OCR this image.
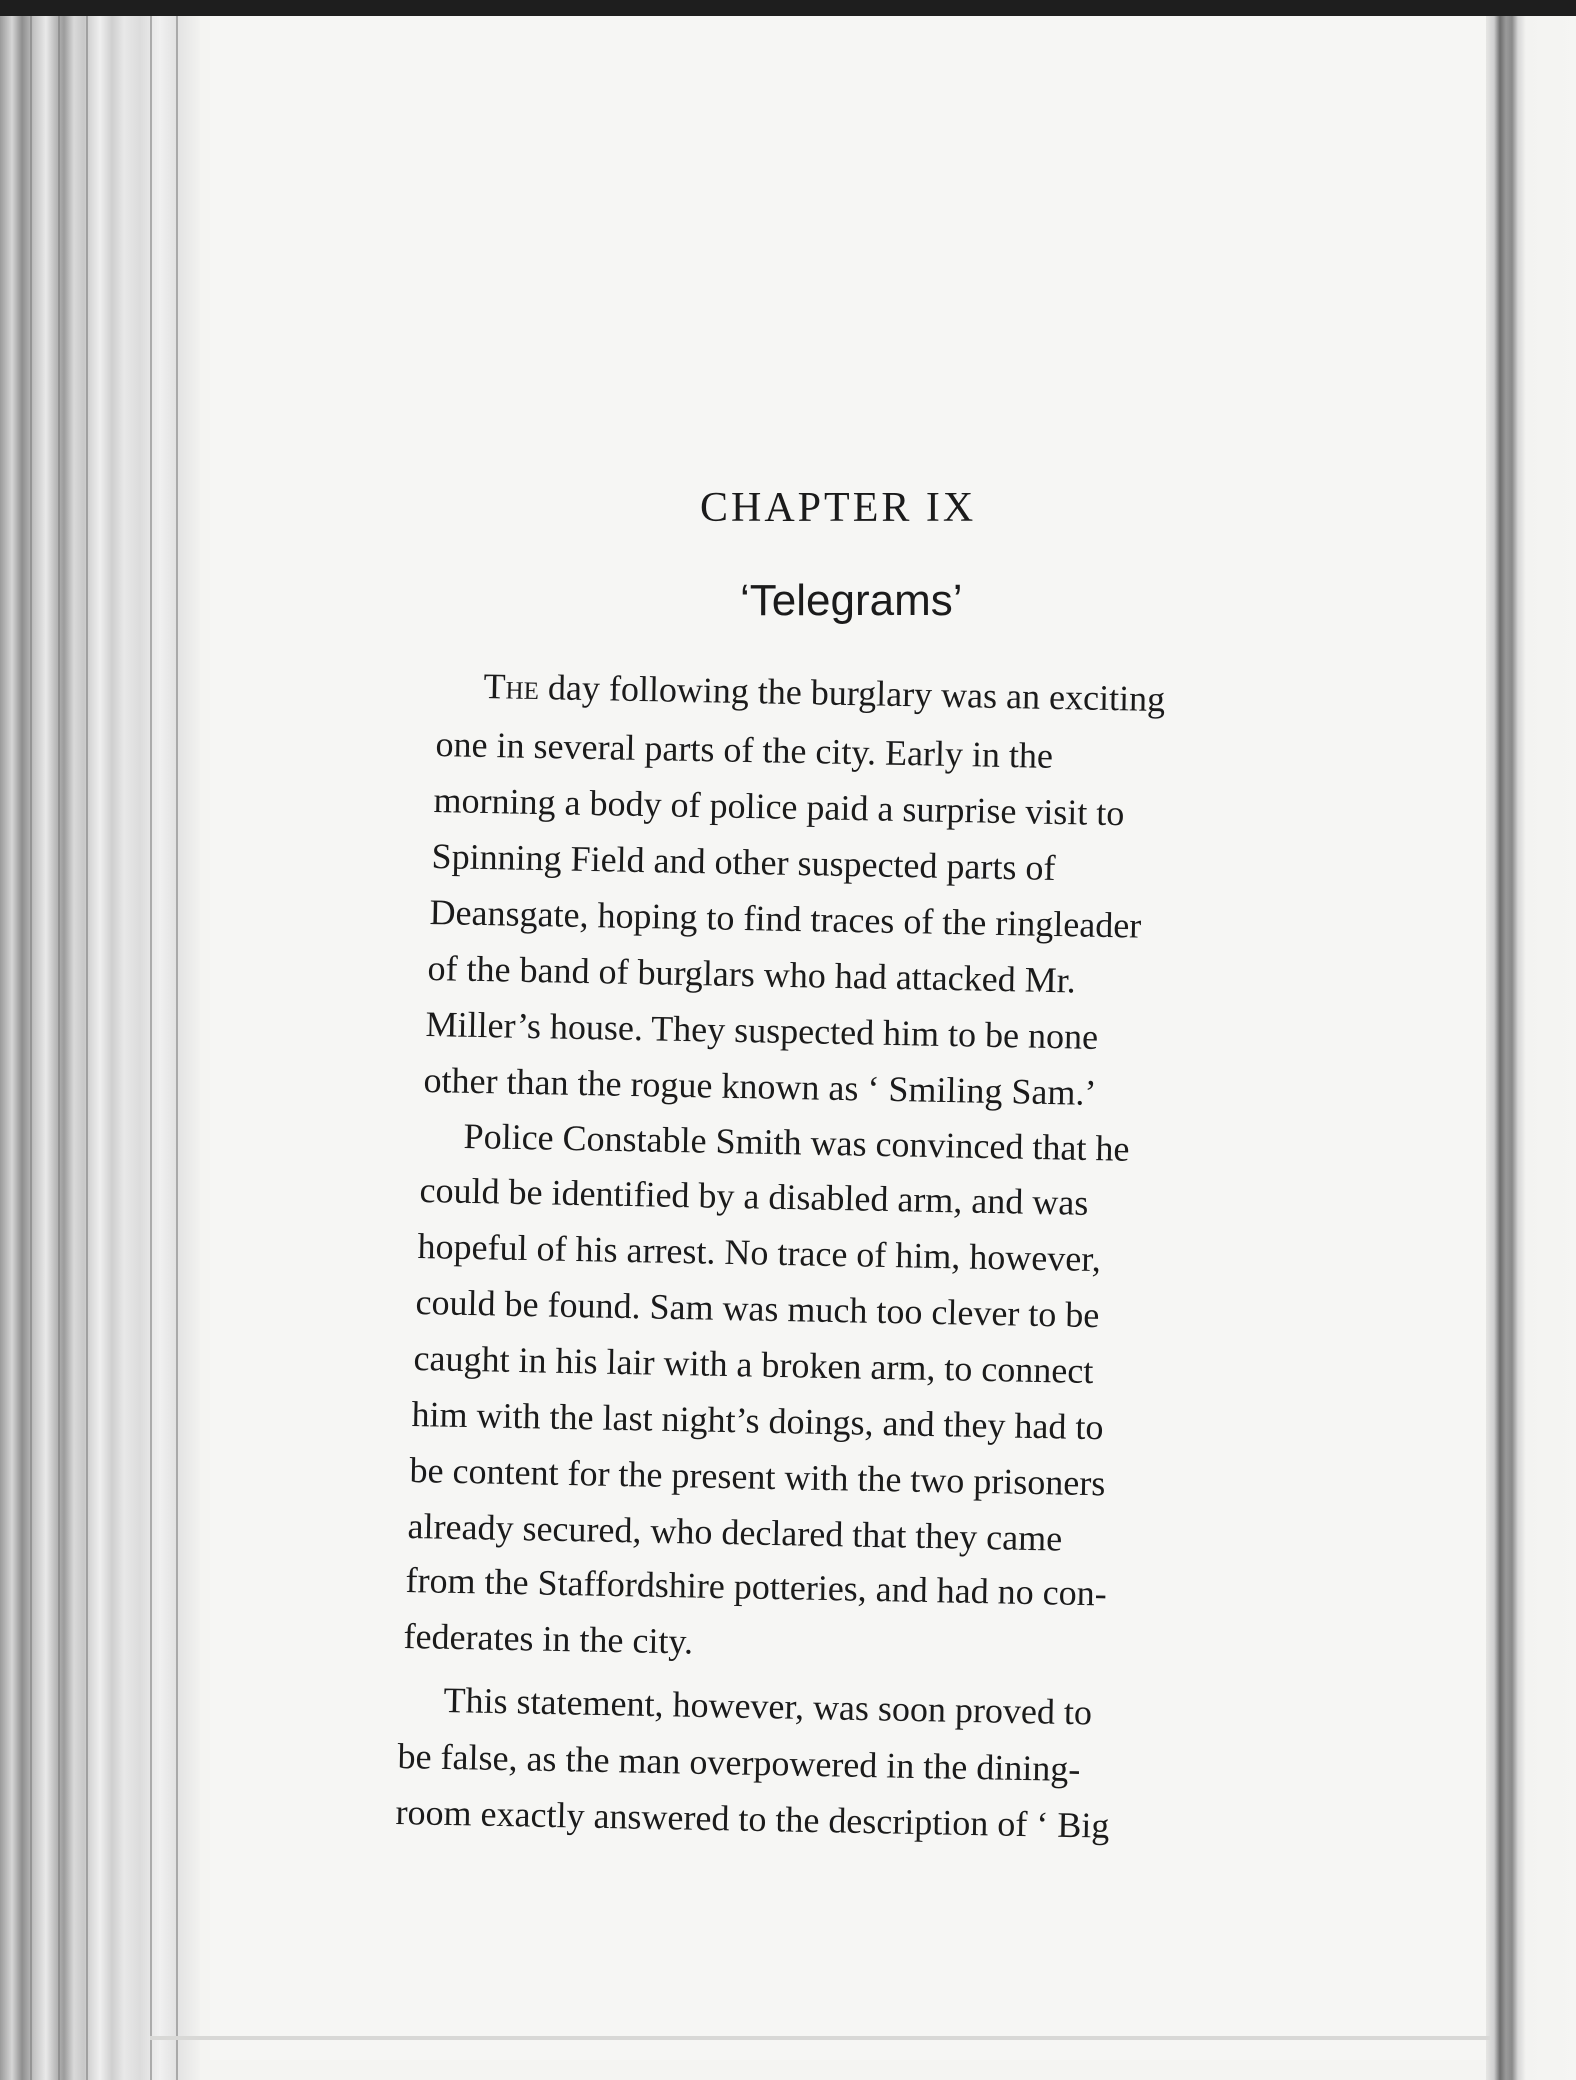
CHAPTER IX
‘Telegrams’
The day following the burglary was an exciting
one in several parts of the city. Early in the
morning a body of police paid a surprise visit to
Spinning Field and other suspected parts of
Deansgate, hoping to find traces of the ringleader
of the band of burglars who had attacked Mr.
Miller’s house. They suspected him to be none
other than the rogue known as ‘ Smiling Sam.’
Police Constable Smith was convinced that he
could be identified by a disabled arm, and was
hopeful of his arrest. No trace of him, however,
could be found. Sam was much too clever to be
caught in his lair with a broken arm, to connect
him with the last night’s doings, and they had to
be content for the present with the two prisoners
already secured, who declared that they came
from the Staffordshire potteries, and had no con-
federates in the city.
This statement, however, was soon proved to
be false, as the man overpowered in the dining-
room exactly answered to the description of ‘ Big
